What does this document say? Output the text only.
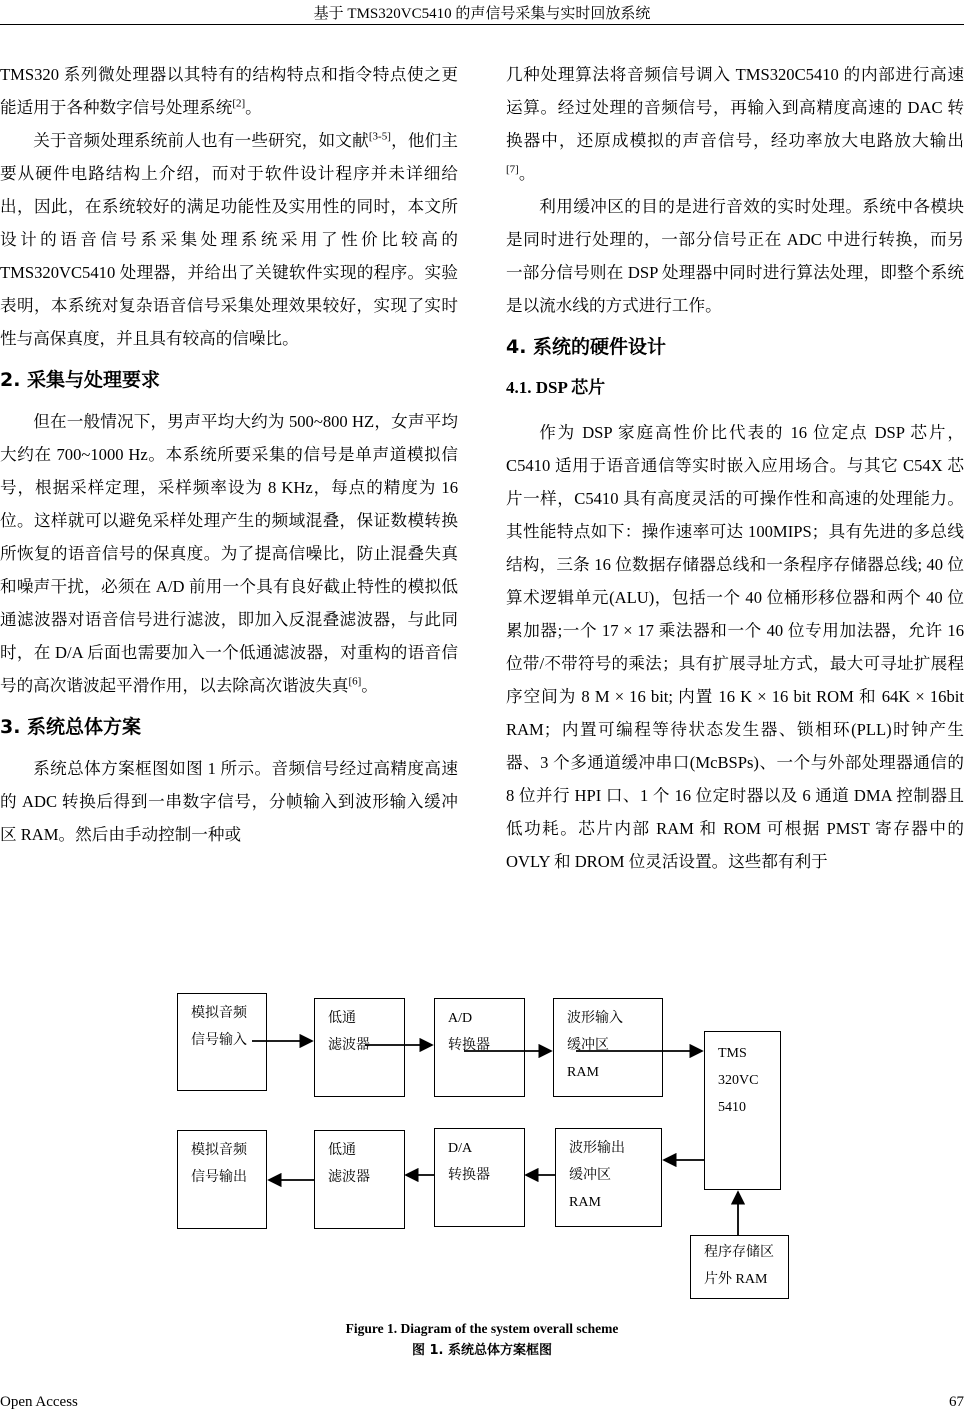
基于 TMS320VC5410 的声信号采集与实时回放系统

TMS320 系列微处理器以其特有的结构特点和指令特点使之更能适用于各种数字信号处理系统[2]。

关于音频处理系统前人也有一些研究，如文献[3-5]，他们主要从硬件电路结构上介绍，而对于软件设计程序并未详细给出，因此，在系统较好的满足功能性及实用性的同时，本文所设计的语音信号系采集处理系统采用了性价比较高的 TMS320VC5410 处理器，并给出了关键软件实现的程序。实验表明，本系统对复杂语音信号采集处理效果较好，实现了实时性与高保真度，并且具有较高的信噪比。

2. 采集与处理要求

但在一般情况下，男声平均大约为 500~800 HZ，女声平均大约在 700~1000 Hz。本系统所要采集的信号是单声道模拟信号，根据采样定理，采样频率设为 8 KHz，每点的精度为 16 位。这样就可以避免采样处理产生的频域混叠，保证数模转换所恢复的语音信号的保真度。为了提高信噪比，防止混叠失真和噪声干扰，必须在 A/D 前用一个具有良好截止特性的模拟低通滤波器对语音信号进行滤波，即加入反混叠滤波器，与此同时，在 D/A 后面也需要加入一个低通滤波器，对重构的语音信号的高次谐波起平滑作用，以去除高次谐波失真[6]。

3. 系统总体方案

系统总体方案框图如图 1 所示。音频信号经过高精度高速的 ADC 转换后得到一串数字信号，分帧输入到波形输入缓冲区 RAM。然后由手动控制一种或

几种处理算法将音频信号调入 TMS320C5410 的内部进行高速运算。经过处理的音频信号，再输入到高精度高速的 DAC 转换器中，还原成模拟的声音信号，经功率放大电路放大输出[7]。

利用缓冲区的目的是进行音效的实时处理。系统中各模块是同时进行处理的，一部分信号正在 ADC 中进行转换，而另一部分信号则在 DSP 处理器中同时进行算法处理，即整个系统是以流水线的方式进行工作。

4. 系统的硬件设计
4.1. DSP 芯片

作为 DSP 家庭高性价比代表的 16 位定点 DSP 芯片，C5410 适用于语音通信等实时嵌入应用场合。与其它 C54X 芯片一样，C5410 具有高度灵活的可操作性和高速的处理能力。其性能特点如下：操作速率可达 100MIPS；具有先进的多总线结构，三条 16 位数据存储器总线和一条程序存储器总线; 40 位算术逻辑单元(ALU)，包括一个 40 位桶形移位器和两个 40 位累加器;一个 17 × 17 乘法器和一个 40 位专用加法器，允许 16 位带/不带符号的乘法；具有扩展寻址方式，最大可寻址扩展程序空间为 8 M × 16 bit; 内置 16 K × 16 bit ROM 和 64K × 16bit RAM；内置可编程等待状态发生器、锁相环(PLL)时钟产生器、3 个多通道缓冲串口(McBSPs)、一个与外部处理器通信的 8 位并行 HPI 口、1 个 16 位定时器以及 6 通道 DMA 控制器且低功耗。芯片内部 RAM 和 ROM 可根据 PMST 寄存器中的 OVLY 和 DROM 位灵活设置。这些都有利于

模拟音频
信号输入
低通
滤波器
A/D
转换器
波形输入
缓冲区
RAM
TMS
320VC
5410
模拟音频
信号输出
低通
滤波器
D/A
转换器
波形输出
缓冲区
RAM
程序存储区
片外 RAM
Figure 1. Diagram of the system overall scheme
图 1. 系统总体方案框图
Open Access	67
